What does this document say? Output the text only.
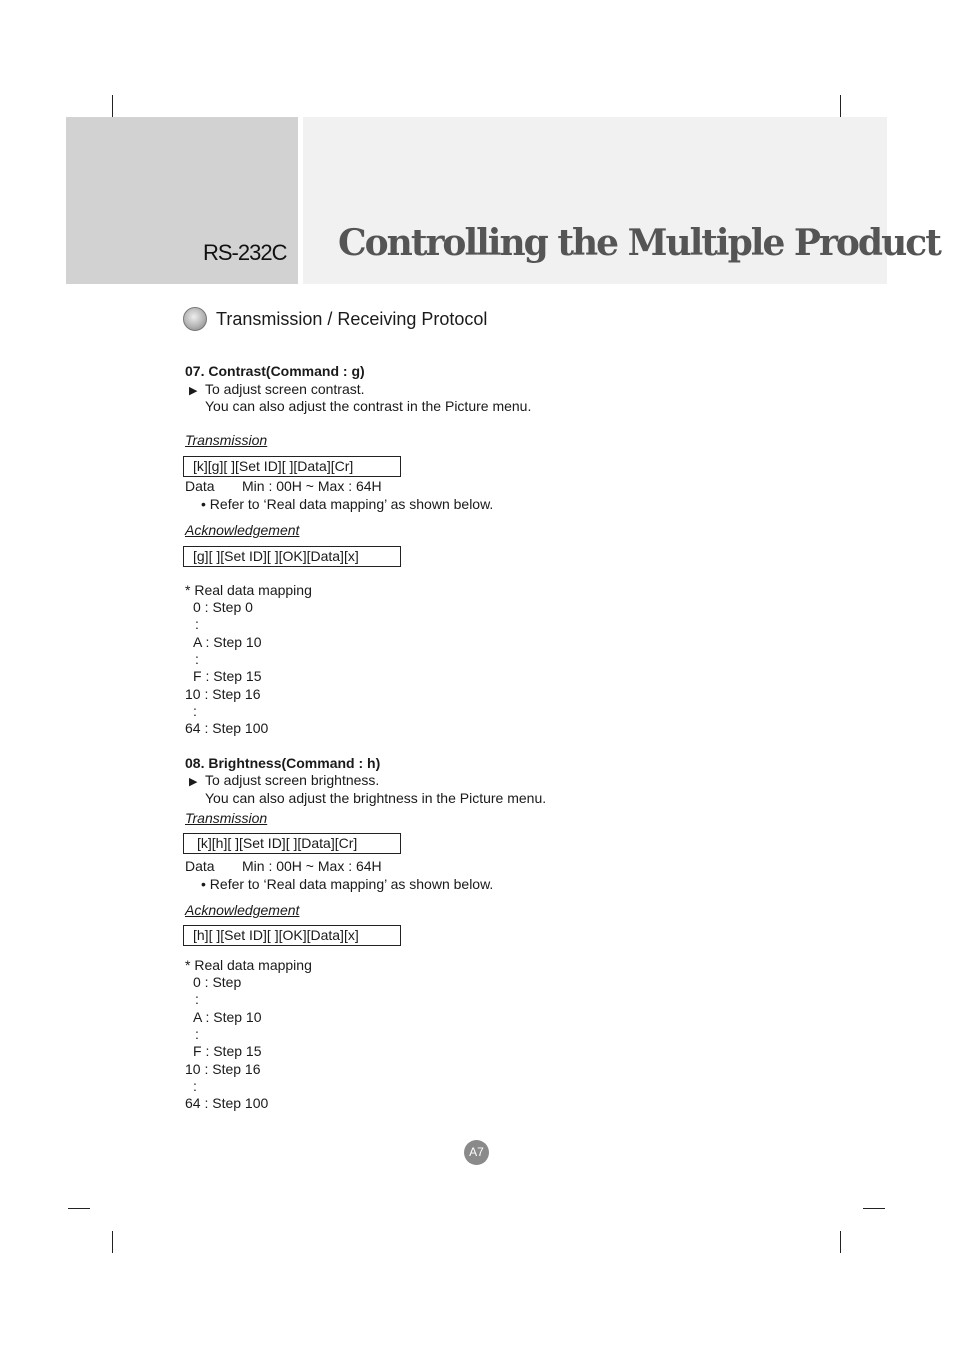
RS-232C Controlling the Multiple Product
Transmission / Receiving Protocol
07. Contrast(Command : g)
▶ To adjust screen contrast.
You can also adjust the contrast in the Picture menu.
Transmission
[k][g][ ][Set ID][ ][Data][Cr]
Data Min : 00H ~ Max : 64H
• Refer to ‘Real data mapping’ as shown below.
Acknowledgement
[g][ ][Set ID][ ][OK][Data][x]
* Real data mapping
0 : Step 0
:
A : Step 10
:
F : Step 15
10 : Step 16
:
64 : Step 100
08. Brightness(Command : h)
▶ To adjust screen brightness.
You can also adjust the brightness in the Picture menu.
Transmission
[k][h][ ][Set ID][ ][Data][Cr]
Data Min : 00H ~ Max : 64H
• Refer to ‘Real data mapping’ as shown below.
Acknowledgement
[h][ ][Set ID][ ][OK][Data][x]
* Real data mapping
0 : Step
:
A : Step 10
:
F : Step 15
10 : Step 16
:
64 : Step 100
A7
